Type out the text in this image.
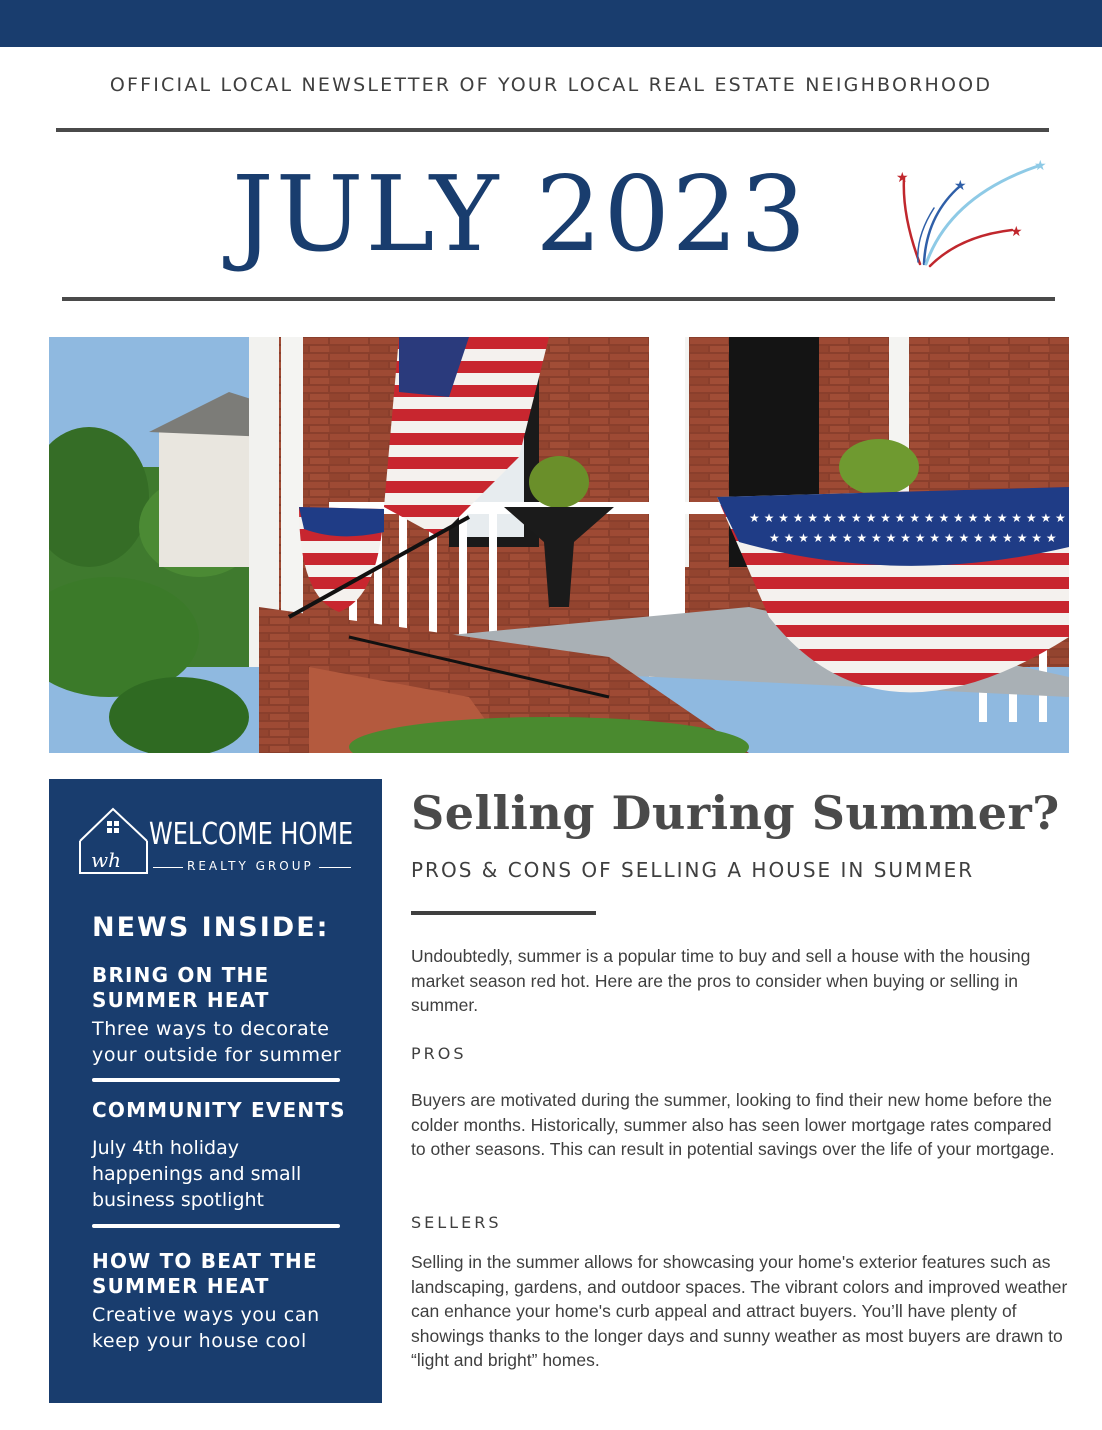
OFFICIAL LOCAL NEWSLETTER OF YOUR LOCAL REAL ESTATE NEIGHBORHOOD
JULY 2023	★	★
★
★
★ ★ ★ ★ ★ ★ ★ ★ ★ ★ ★ ★ ★ ★ ★ ★ ★ ★ ★ ★ ★ ★
★ ★ ★ ★ ★ ★ ★ ★ ★ ★ ★ ★ ★ ★ ★ ★ ★ ★ ★ ★
wh
WELCOME HOME
REALTY GROUP
NEWS INSIDE:
BRING ON THE
SUMMER HEAT
Three ways to decorate your outside for summer
COMMUNITY EVENTS
July 4th holiday happenings and small business spotlight
HOW TO BEAT THE
SUMMER HEAT
Creative ways you can keep your house cool
Selling During Summer?
PROS & CONS OF SELLING A HOUSE IN SUMMER
Undoubtedly, summer is a popular time to buy and sell a house with the housing market season red hot. Here are the pros to consider when buying or selling in summer.
PROS
Buyers are motivated during the summer, looking to find their new home before the colder months. Historically, summer also has seen lower mortgage rates compared to other seasons. This can result in potential savings over the life of your mortgage.
SELLERS
Selling in the summer allows for showcasing your home's exterior features such as landscaping, gardens, and outdoor spaces. The vibrant colors and improved weather can enhance your home's curb appeal and attract buyers. You’ll have plenty of showings thanks to the longer days and sunny weather as most buyers are drawn to “light and bright” homes.
